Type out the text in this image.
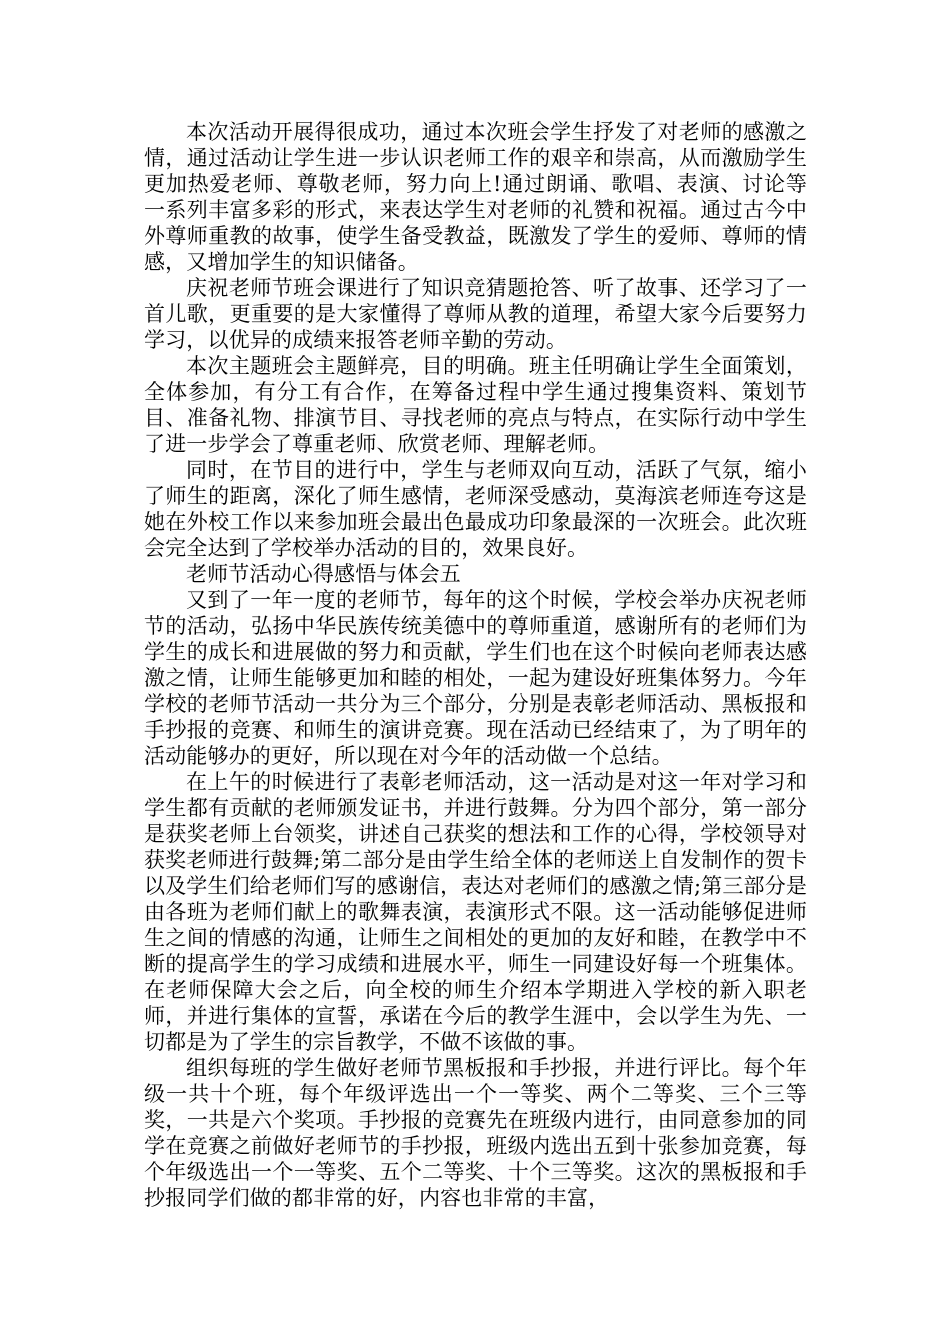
本次活动开展得很成功，通过本次班会学生抒发了对老师的感激之情，通过活动让学生进一步认识老师工作的艰辛和崇高，从而激励学生更加热爱老师、尊敬老师，努力向上!通过朗诵、歌唱、表演、讨论等一系列丰富多彩的形式，来表达学生对老师的礼赞和祝福。通过古今中外尊师重教的故事，使学生备受教益，既激发了学生的爱师、尊师的情感，又增加学生的知识储备。

庆祝老师节班会课进行了知识竞猜题抢答、听了故事、还学习了一首儿歌，更重要的是大家懂得了尊师从教的道理，希望大家今后要努力学习，以优异的成绩来报答老师辛勤的劳动。

本次主题班会主题鲜亮，目的明确。班主任明确让学生全面策划，全体参加，有分工有合作，在筹备过程中学生通过搜集资料、策划节目、准备礼物、排演节目、寻找老师的亮点与特点，在实际行动中学生了进一步学会了尊重老师、欣赏老师、理解老师。

同时，在节目的进行中，学生与老师双向互动，活跃了气氛，缩小了师生的距离，深化了师生感情，老师深受感动，莫海滨老师连夸这是她在外校工作以来参加班会最出色最成功印象最深的一次班会。此次班会完全达到了学校举办活动的目的，效果良好。

老师节活动心得感悟与体会五

又到了一年一度的老师节，每年的这个时候，学校会举办庆祝老师节的活动，弘扬中华民族传统美德中的尊师重道，感谢所有的老师们为学生的成长和进展做的努力和贡献，学生们也在这个时候向老师表达感激之情，让师生能够更加和睦的相处，一起为建设好班集体努力。今年学校的老师节活动一共分为三个部分，分别是表彰老师活动、黑板报和手抄报的竞赛、和师生的演讲竞赛。现在活动已经结束了，为了明年的活动能够办的更好，所以现在对今年的活动做一个总结。

在上午的时候进行了表彰老师活动，这一活动是对这一年对学习和学生都有贡献的老师颁发证书，并进行鼓舞。分为四个部分，第一部分是获奖老师上台领奖，讲述自己获奖的想法和工作的心得，学校领导对获奖老师进行鼓舞;第二部分是由学生给全体的老师送上自发制作的贺卡以及学生们给老师们写的感谢信，表达对老师们的感激之情;第三部分是由各班为老师们献上的歌舞表演，表演形式不限。这一活动能够促进师生之间的情感的沟通，让师生之间相处的更加的友好和睦，在教学中不断的提高学生的学习成绩和进展水平，师生一同建设好每一个班集体。在老师保障大会之后，向全校的师生介绍本学期进入学校的新入职老师，并进行集体的宣誓，承诺在今后的教学生涯中，会以学生为先、一切都是为了学生的宗旨教学，不做不该做的事。

组织每班的学生做好老师节黑板报和手抄报，并进行评比。每个年级一共十个班，每个年级评选出一个一等奖、两个二等奖、三个三等奖，一共是六个奖项。手抄报的竞赛先在班级内进行，由同意参加的同学在竞赛之前做好老师节的手抄报，班级内选出五到十张参加竞赛，每个年级选出一个一等奖、五个二等奖、十个三等奖。这次的黑板报和手抄报同学们做的都非常的好，内容也非常的丰富，
